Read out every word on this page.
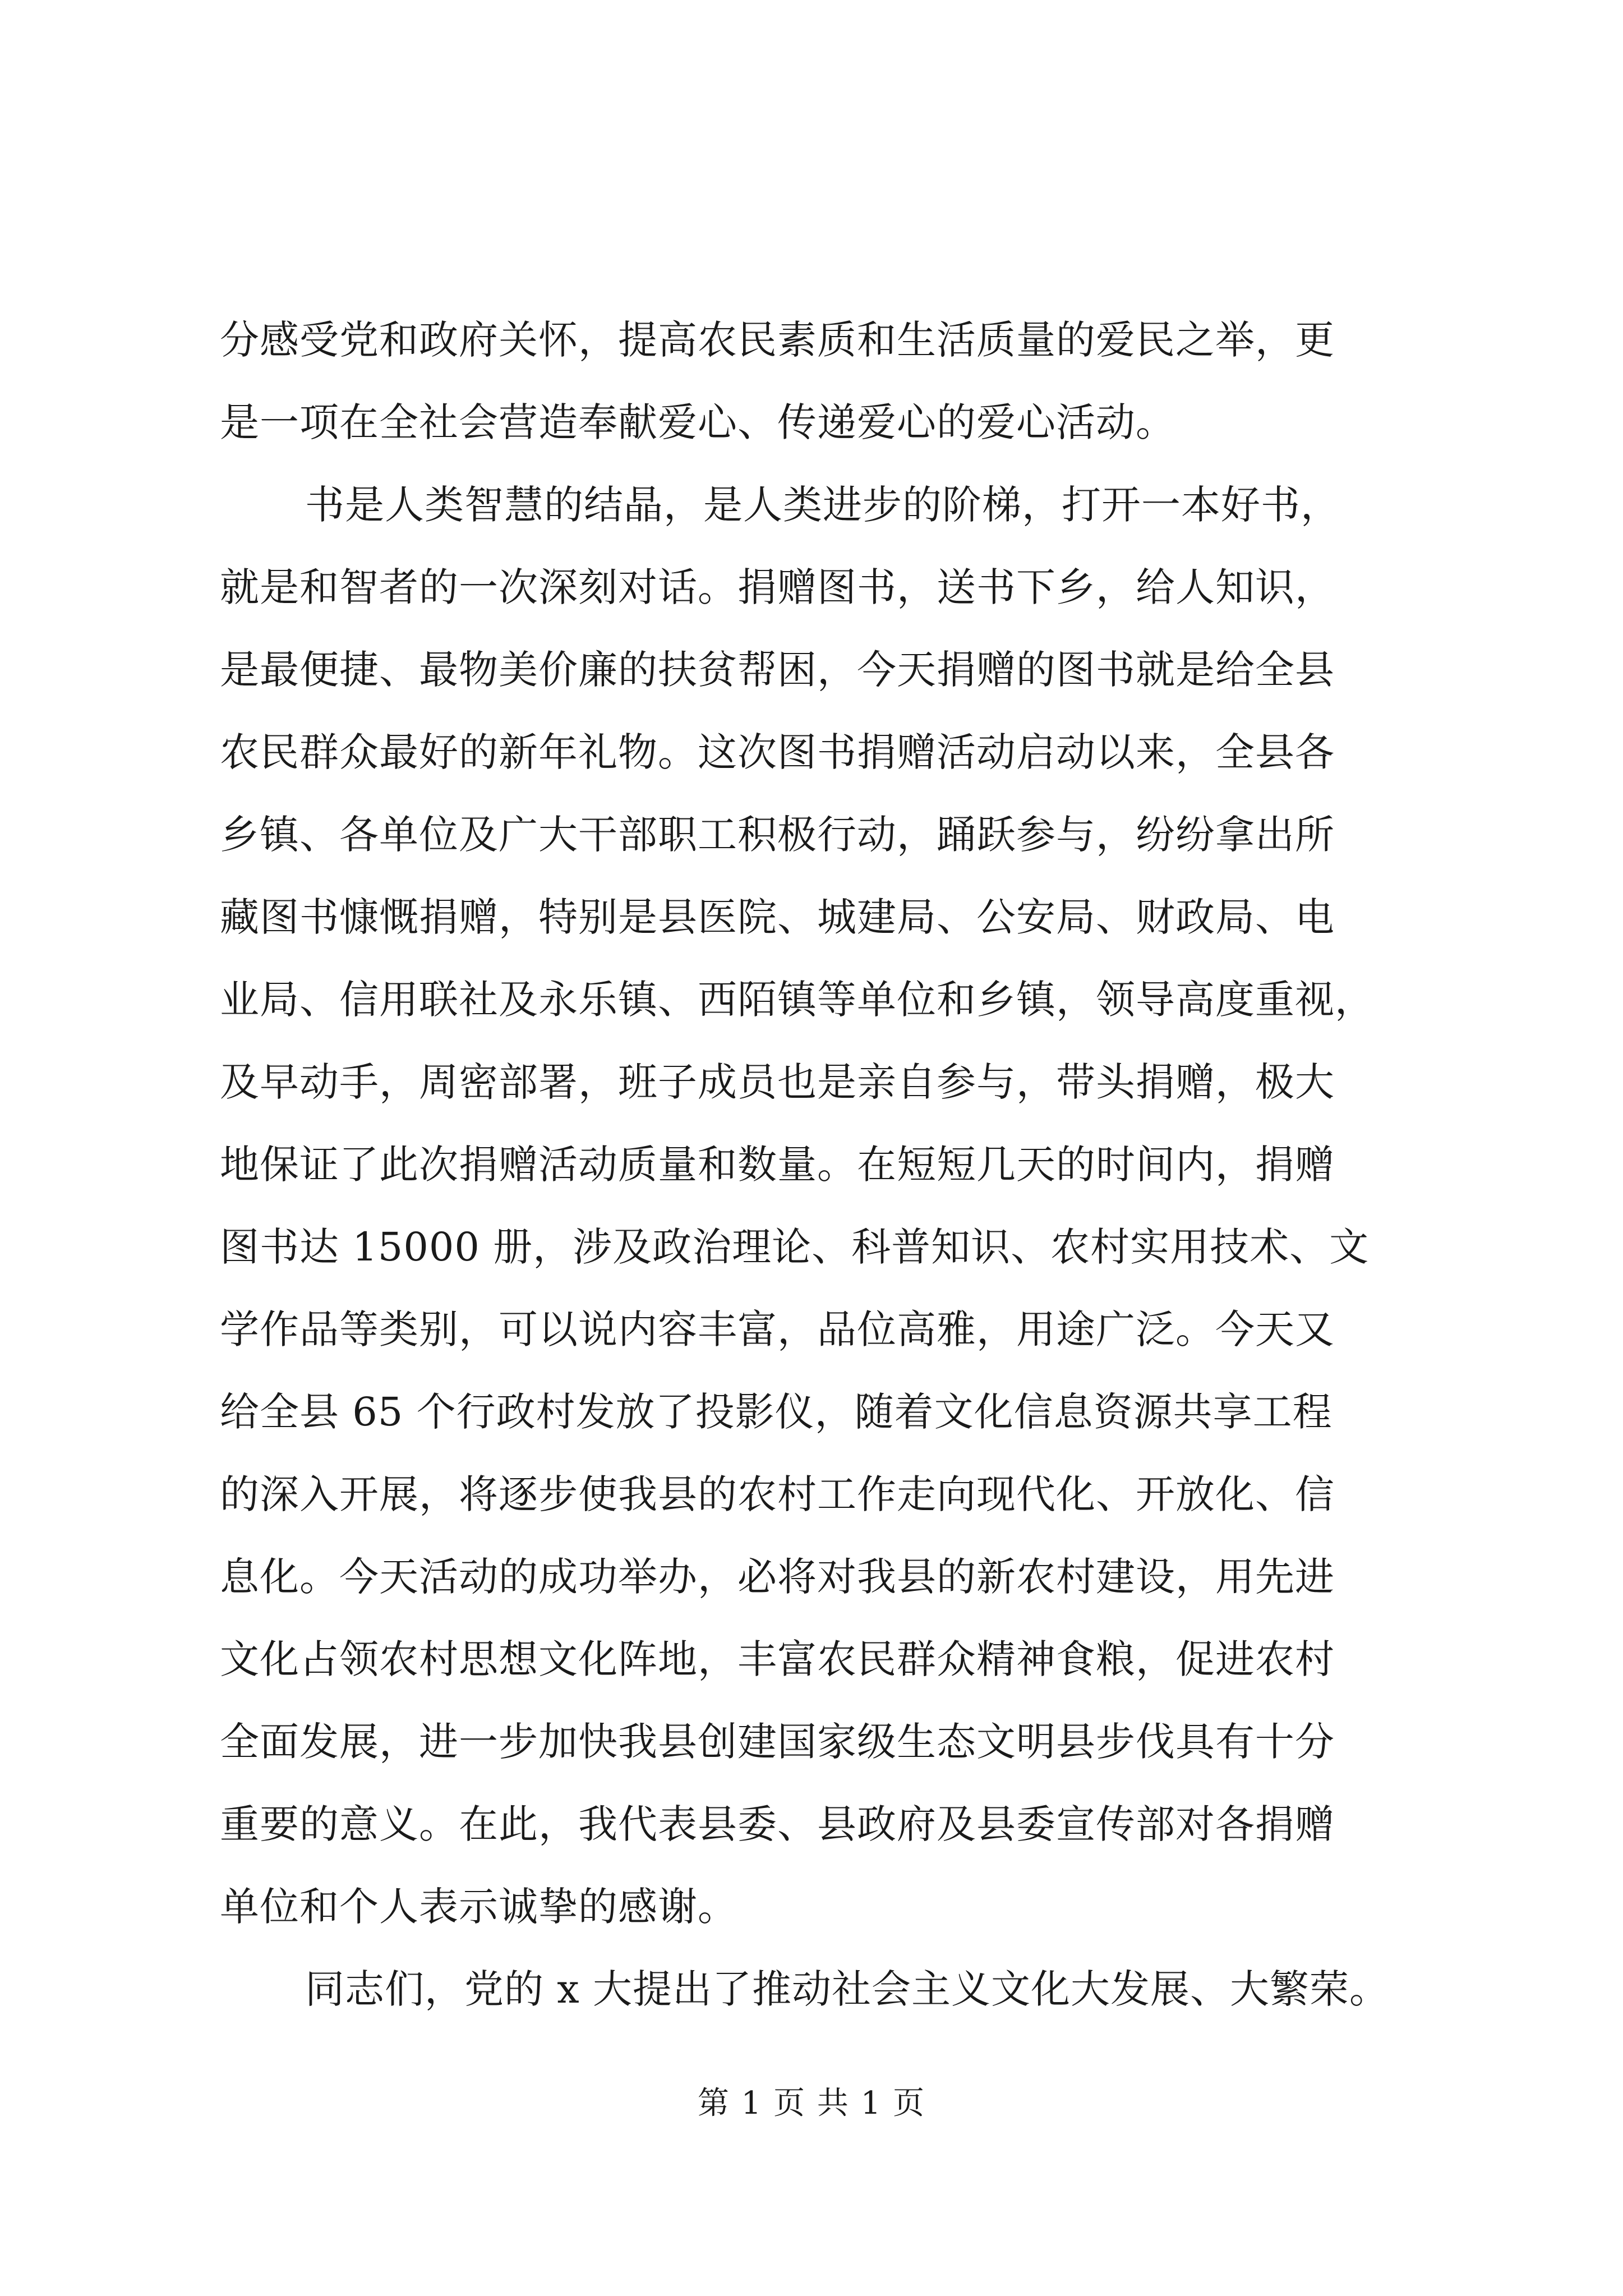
分感受党和政府关怀，提高农民素质和生活质量的爱民之举，更
是一项在全社会营造奉献爱心、传递爱心的爱心活动。
书是人类智慧的结晶，是人类进步的阶梯，打开一本好书，
就是和智者的一次深刻对话。捐赠图书，送书下乡，给人知识，
是最便捷、最物美价廉的扶贫帮困，今天捐赠的图书就是给全县
农民群众最好的新年礼物。这次图书捐赠活动启动以来，全县各
乡镇、各单位及广大干部职工积极行动，踊跃参与，纷纷拿出所
藏图书慷慨捐赠，特别是县医院、城建局、公安局、财政局、电
业局、信用联社及永乐镇、西陌镇等单位和乡镇，领导高度重视，
及早动手，周密部署，班子成员也是亲自参与，带头捐赠，极大
地保证了此次捐赠活动质量和数量。在短短几天的时间内，捐赠
图书达 15000 册，涉及政治理论、科普知识、农村实用技术、文
学作品等类别，可以说内容丰富，品位高雅，用途广泛。今天又
给全县 65 个行政村发放了投影仪，随着文化信息资源共享工程
的深入开展，将逐步使我县的农村工作走向现代化、开放化、信
息化。今天活动的成功举办，必将对我县的新农村建设，用先进
文化占领农村思想文化阵地，丰富农民群众精神食粮，促进农村
全面发展，进一步加快我县创建国家级生态文明县步伐具有十分
重要的意义。在此，我代表县委、县政府及县委宣传部对各捐赠
单位和个人表示诚挚的感谢。
同志们，党的 x 大提出了推动社会主义文化大发展、大繁荣。
第 1 页 共 1 页
